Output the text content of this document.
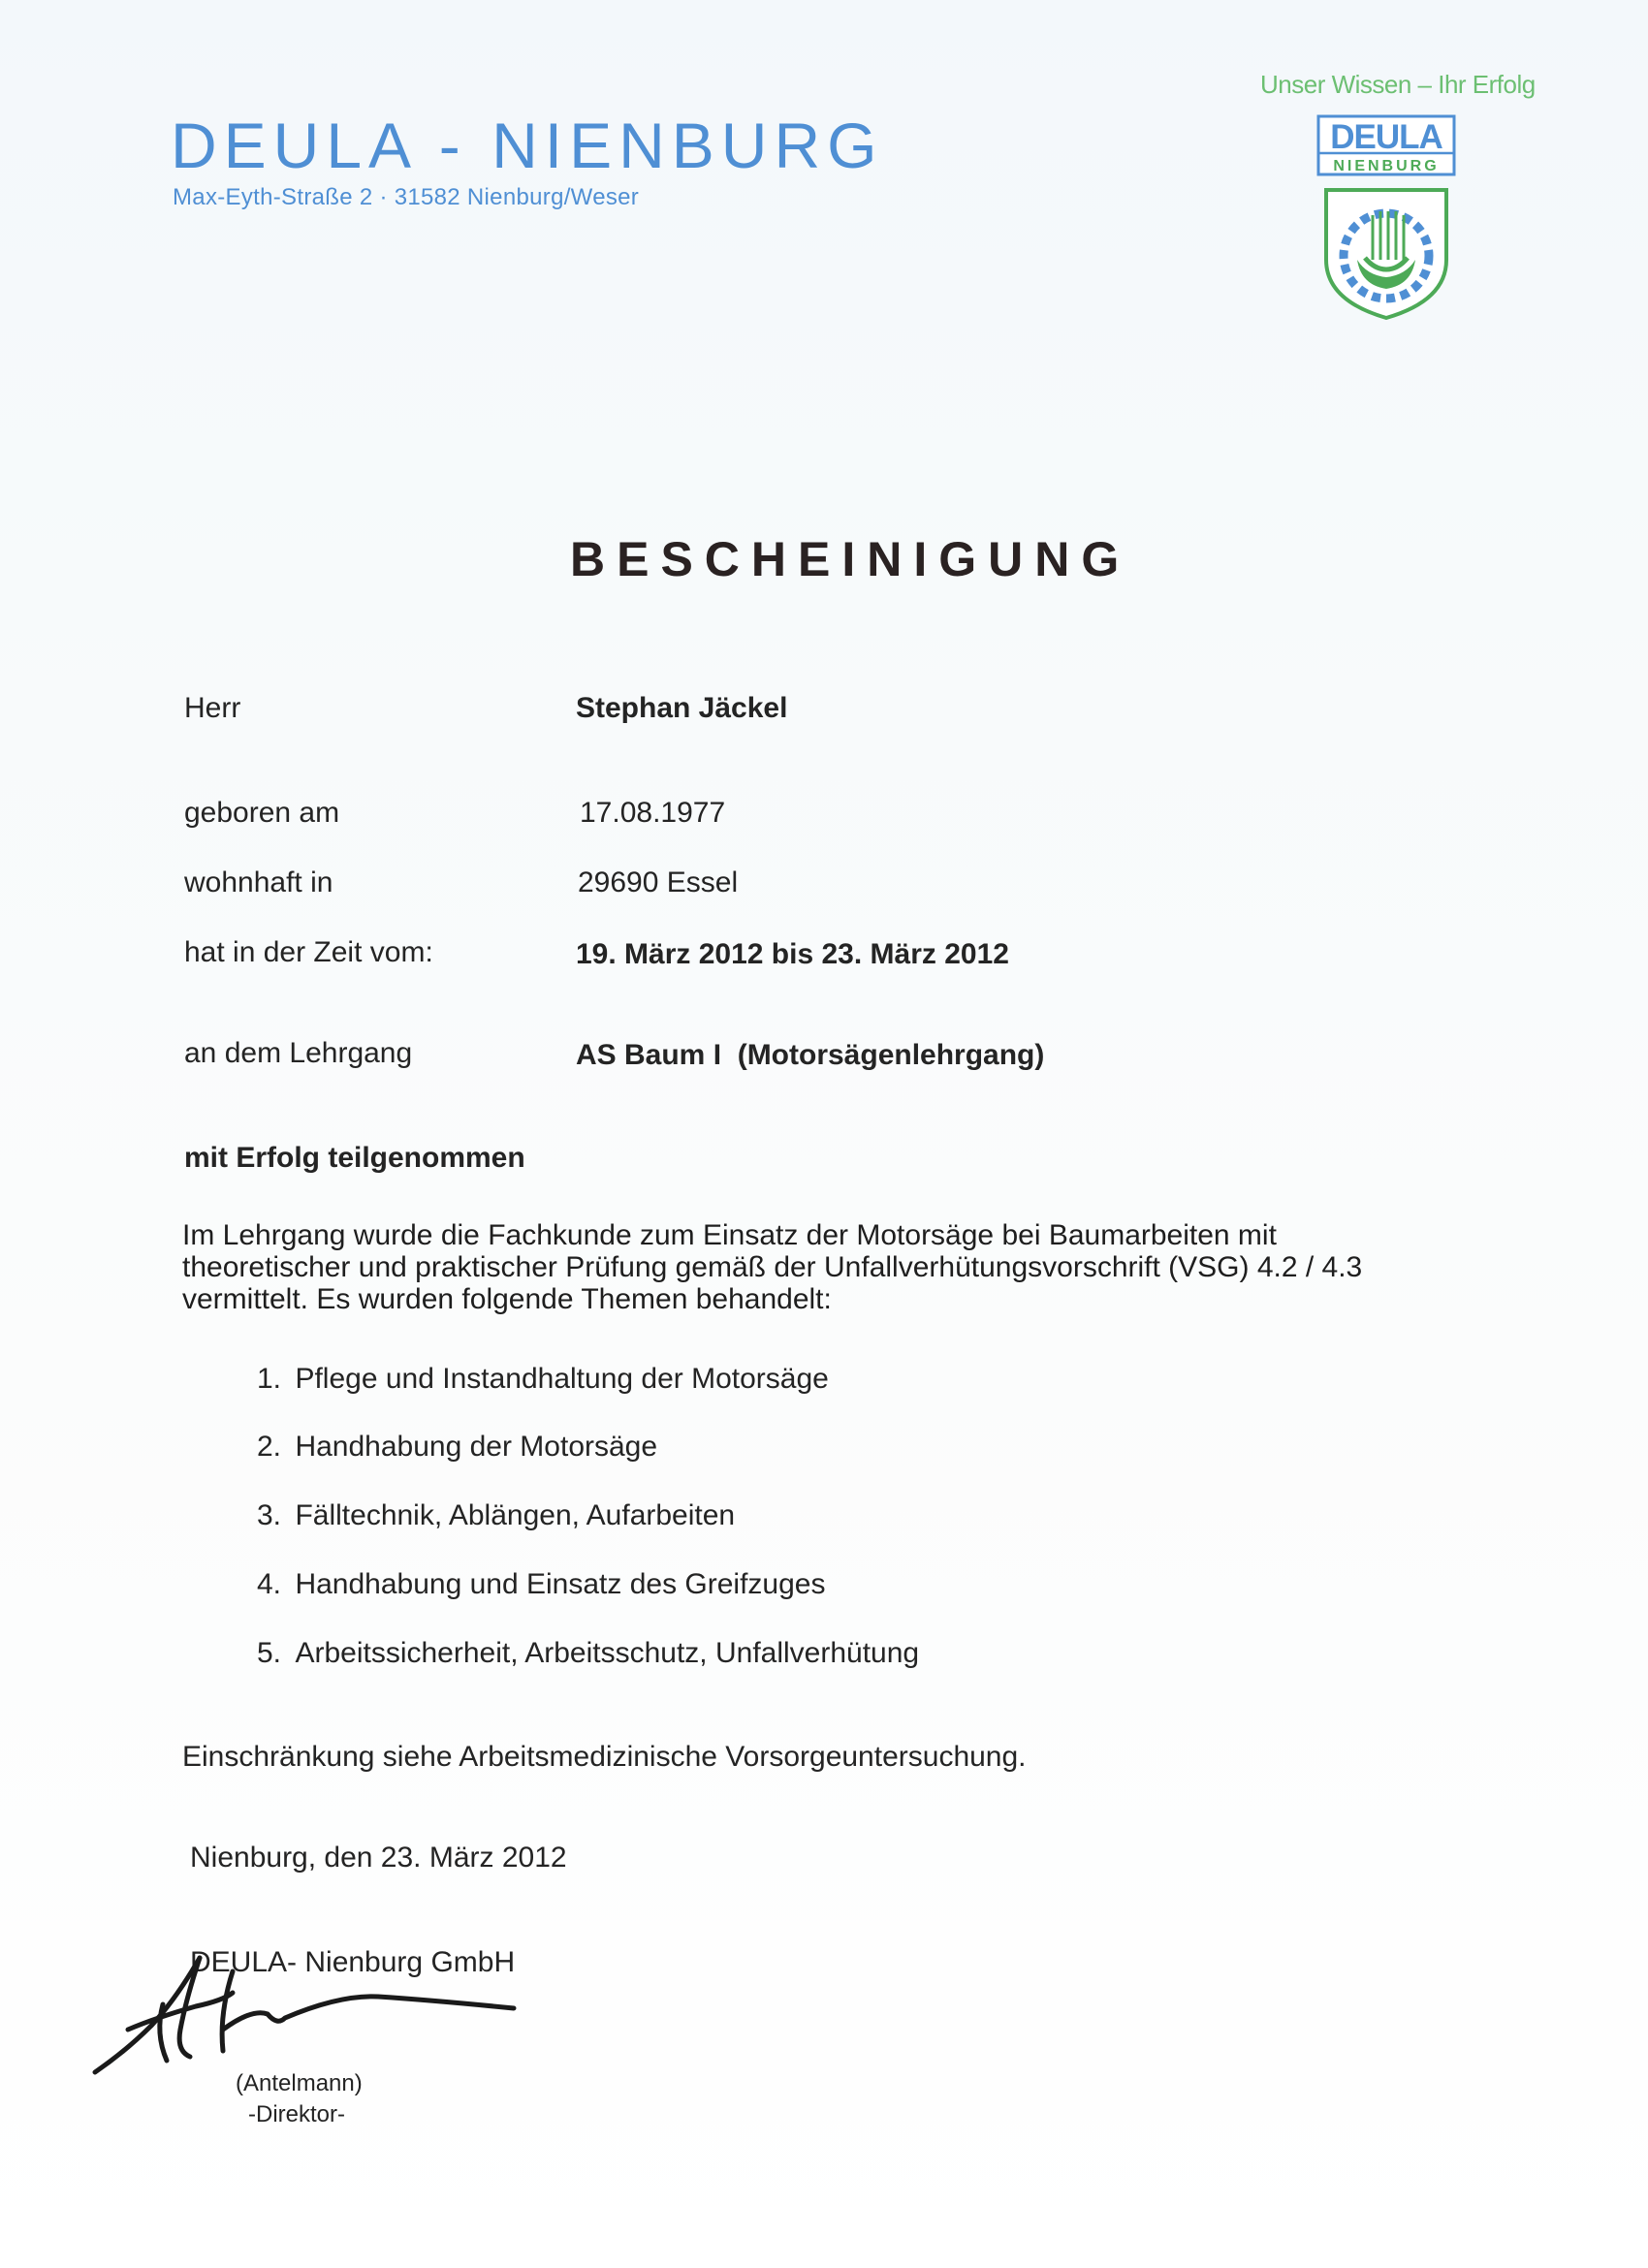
DEULA - NIENBURG
Max-Eyth-Straße 2 · 31582 Nienburg/Weser
Unser Wissen – Ihr Erfolg
DEULA
NIENBURG
BESCHEINIGUNG
Herr	Stephan Jäckel
geboren am	17.08.1977
wohnhaft in	29690 Essel
hat in der Zeit vom:	19. März 2012 bis 23. März 2012
an dem Lehrgang	AS Baum I  (Motorsägenlehrgang)
mit Erfolg teilgenommen
Im Lehrgang wurde die Fachkunde zum Einsatz der Motorsäge bei Baumarbeiten mit
theoretischer und praktischer Prüfung gemäß der Unfallverhütungsvorschrift (VSG) 4.2 / 4.3
vermittelt. Es wurden folgende Themen behandelt:
1. Pflege und Instandhaltung der Motorsäge
2. Handhabung der Motorsäge
3. Fälltechnik, Ablängen, Aufarbeiten
4. Handhabung und Einsatz des Greifzuges
5. Arbeitssicherheit, Arbeitsschutz, Unfallverhütung
Einschränkung siehe Arbeitsmedizinische Vorsorgeuntersuchung.
Nienburg, den 23. März 2012
DEULA- Nienburg GmbH
(Antelmann)
-Direktor-
